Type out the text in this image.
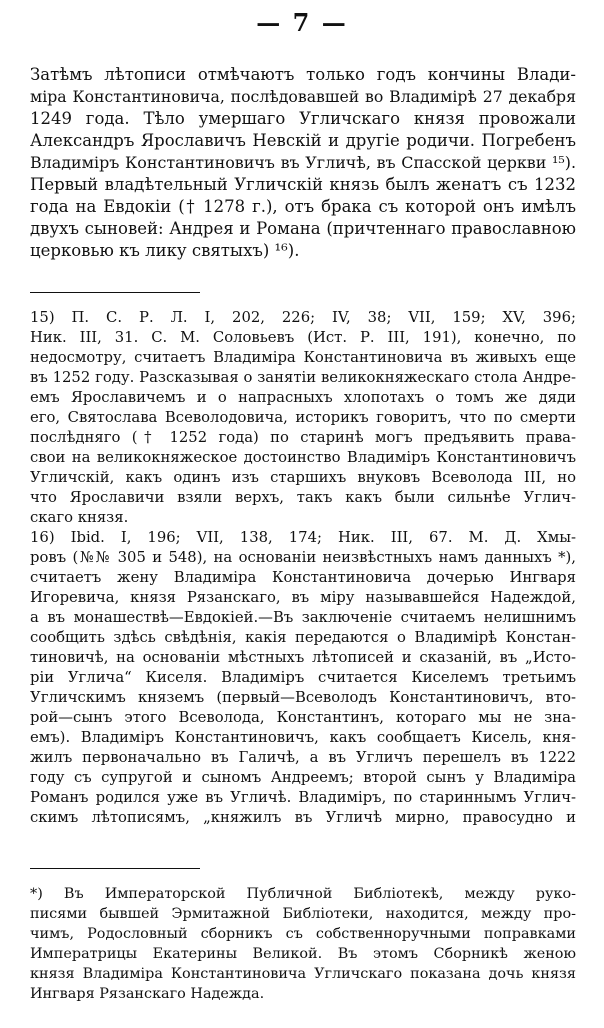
— 7 —
Затѣмъ лѣтописи отмѣчаютъ только годъ кончины Влади-
міра Константиновича, послѣдовавшей во Владимірѣ 27 декабря
1249 года. Тѣло умершаго Угличскаго князя провожали
Александръ Ярославичъ Невскій и другіе родичи. Погребенъ
Владиміръ Константиновичъ въ Угличѣ, въ Спасской церкви ¹⁵).
Первый владѣтельный Угличскій князь былъ женатъ съ 1232
года на Евдокіи († 1278 г.), отъ брака съ которой онъ имѣлъ
двухъ сыновей: Андрея и Романа (причтеннаго православною
церковью къ лику святыхъ) ¹⁶).
15) П. С. Р. Л. I, 202, 226; IV, 38; VII, 159; XV, 396;
Ник. III, 31. С. М. Соловьевъ (Ист. Р. III, 191), конечно, по
недосмотру, считаетъ Владиміра Константиновича въ живыхъ еще
въ 1252 году. Разсказывая о занятіи великокняжескаго стола Андре-
емъ Ярославичемъ и о напрасныхъ хлопотахъ о томъ же дяди
его, Святослава Всеволодовича, историкъ говоритъ, что по смерти
послѣдняго († 1252 года) по старинѣ могъ предъявить права-
свои на великокняжеское достоинство Владиміръ Константиновичъ
Угличскій, какъ одинъ изъ старшихъ внуковъ Всеволода III, но
что Ярославичи взяли верхъ, такъ какъ были сильнѣе Углич-
скаго князя.
16) Ibid. I, 196; VII, 138, 174; Ник. III, 67. М. Д. Хмы-
ровъ (№№ 305 и 548), на основаніи неизвѣстныхъ намъ данныхъ *),
считаетъ жену Владиміра Константиновича дочерью Ингваря
Игоревича, князя Рязанскаго, въ міру называвшейся Надеждой,
а въ монашествѣ—Евдокіей.—Въ заключеніе считаемъ нелишнимъ
сообщить здѣсь свѣдѣнія, какія передаются о Владимірѣ Констан-
тиновичѣ, на основаніи мѣстныхъ лѣтописей и сказаній, въ „Исто-
ріи Углича“ Киселя. Владиміръ считается Киселемъ третьимъ
Угличскимъ княземъ (первый—Всеволодъ Константиновичъ, вто-
рой—сынъ этого Всеволода, Константинъ, котораго мы не зна-
емъ). Владиміръ Константиновичъ, какъ сообщаетъ Кисель, кня-
жилъ первоначально въ Галичѣ, а въ Угличъ перешелъ въ 1222
году съ супругой и сыномъ Андреемъ; второй сынъ у Владиміра
Романъ родился уже въ Угличѣ. Владиміръ, по стариннымъ Углич-
скимъ лѣтописямъ, „княжилъ въ Угличѣ мирно, правосудно и
*) Въ Императорской Публичной Библіотекѣ, между руко-
писями бывшей Эрмитажной Библіотеки, находится, между про-
чимъ, Родословный сборникъ съ собственноручными поправками
Императрицы Екатерины Великой. Въ этомъ Сборникѣ женою
князя Владиміра Константиновича Угличскаго показана дочь князя
Ингваря Рязанскаго Надежда.
